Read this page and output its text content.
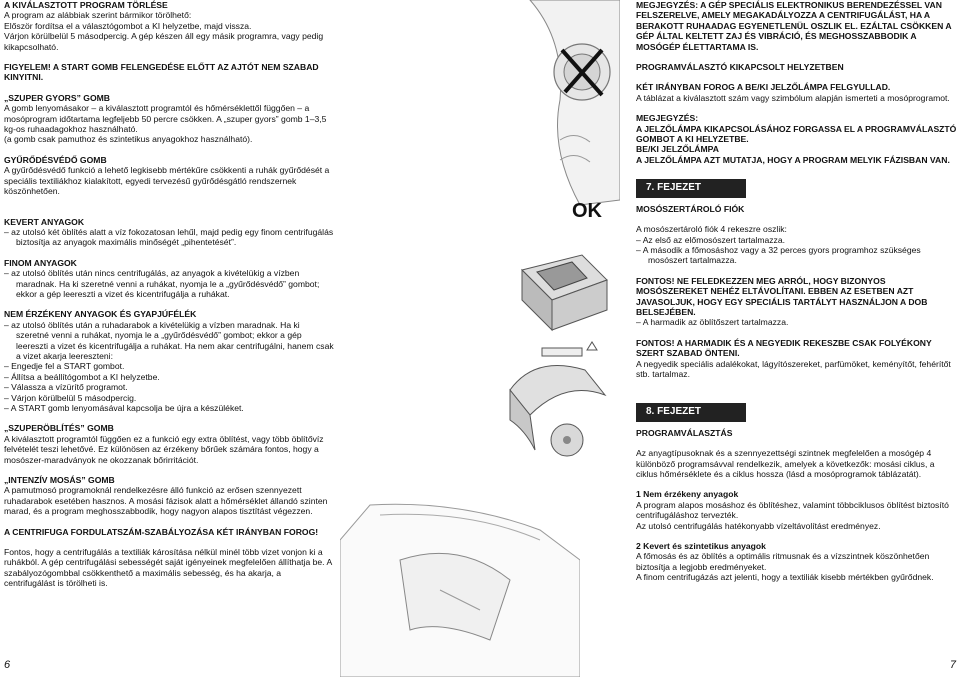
A KIVÁLASZTOTT PROGRAM TÖRLÉSE

A program az alábbiak szerint bármikor törölhető:

Először fordítsa el a választógombot a KI helyzetbe, majd vissza.

Várjon körülbelül 5 másodpercig. A gép készen áll egy másik programra, vagy pedig kikapcsolható.

FIGYELEM! A START GOMB FELENGEDÉSE ELŐTT AZ AJTÓT NEM SZABAD KINYITNI.

„SZUPER GYORS” GOMB

A gomb lenyomásakor – a kiválasztott programtól és hőmérséklettől függően – a mosóprogram időtartama legfeljebb 50 percre csökken. A „szuper gyors” gomb 1–3,5 kg-os ruhaadagokhoz használható.

(a gomb csak pamuthoz és szintetikus anyagokhoz használható).

GYŰRŐDÉSVÉDŐ GOMB

A gyűrődésvédő funkció a lehető legkisebb mértékűre csökkenti a ruhák gyűrődését a speciális textiliákhoz kialakított, egyedi tervezésű gyűrődésgátló rendszernek köszönhetően.

KEVERT ANYAGOK

– az utolsó két öblítés alatt a víz fokozatosan lehűl, majd pedig egy finom centrifugálás biztosítja az anyagok maximális minőségét „pihentetését”.

FINOM ANYAGOK

– az utolsó öblítés után nincs centrifugálás, az anyagok a kivételükig a vízben maradnak. Ha ki szeretné venni a ruhákat, nyomja le a „gyűrődésvédő” gombot; ekkor a gép leereszti a vizet és kicentrifugálja a ruhákat.

NEM ÉRZÉKENY ANYAGOK ÉS GYAPJÚFÉLÉK

– az utolsó öblítés után a ruhadarabok a kivételükig a vízben maradnak. Ha ki szeretné venni a ruhákat, nyomja le a „gyűrődésvédő” gombot; ekkor a gép leereszti a vizet és kicentrifugálja a ruhákat. Ha nem akar centrifugálni, hanem csak a vizet akarja leereszteni:

– Engedje fel a START gombot.

– Állítsa a beállítógombot a KI helyzetbe.

– Válassza a vízürítő programot.

– Várjon körülbelül 5 másodpercig.

– A START gomb lenyomásával kapcsolja be újra a készüléket.

„SZUPERÖBLÍTÉS” GOMB

A kiválasztott programtól függően ez a funkció egy extra öblítést, vagy több öblítővíz felvételét teszi lehetővé. Ez különösen az érzékeny bőrűek számára fontos, hogy a mosószer-maradványok ne okozzanak bőrirritációt.

„INTENZÍV MOSÁS” GOMB

A pamutmosó programoknál rendelkezésre álló funkció az erősen szennyezett ruhadarabok esetében hasznos. A mosási fázisok alatt a hőmérséklet állandó szinten marad, és a program meghosszabbodik, hogy nagyon alapos tisztítást végezzen.

A CENTRIFUGA FORDULATSZÁM-SZABÁLYOZÁSA KÉT IRÁNYBAN FOROG!

Fontos, hogy a centrifugálás a textiliák károsítása nélkül minél több vizet vonjon ki a ruhákból. A gép centrifugálási sebességét saját igényeinek megfelelően állíthatja be. A szabályozógombbal csökkenthető a maximális sebesség, és ha akarja, a centrifugálást is törölheti is.

MEGJEGYZÉS: A GÉP SPECIÁLIS ELEKTRONIKUS BERENDEZÉSSEL VAN FELSZERELVE, AMELY MEGAKADÁLYOZZA A CENTRIFUGÁLÁST, HA A BERAKOTT RUHAADAG EGYENETLENÜL OSZLIK EL. EZÁLTAL CSÖKKEN A GÉP ÁLTAL KELTETT ZAJ ÉS VIBRÁCIÓ, ÉS MEGHOSSZABBODIK A MOSÓGÉP ÉLETTARTAMA IS.

PROGRAMVÁLASZTÓ KIKAPCSOLT HELYZETBEN

KÉT IRÁNYBAN FOROG A BE/KI JELZŐLÁMPA FELGYULLAD.

A táblázat a kiválasztott szám vagy szimbólum alapján ismerteti a mosóprogramot.

MEGJEGYZÉS:

A JELZŐLÁMPA KIKAPCSOLÁSÁHOZ FORGASSA EL A PROGRAMVÁLASZTÓ GOMBOT A KI HELYZETBE.

BE/KI JELZŐLÁMPA

A JELZŐLÁMPA AZT MUTATJA, HOGY A PROGRAM MELYIK FÁZISBAN VAN.

7. FEJEZET

MOSÓSZERTÁROLÓ FIÓK

A mosószertároló fiók 4 rekeszre oszlik:

– Az első az előmosószert tartalmazza.

– A második a főmosáshoz vagy a 32 perces gyors programhoz szükséges mosószert tartalmazza.

FONTOS! NE FELEDKEZZEN MEG ARRÓL, HOGY BIZONYOS MOSÓSZEREKET NEHÉZ ELTÁVOLÍTANI. EBBEN AZ ESETBEN AZT JAVASOLJUK, HOGY EGY SPECIÁLIS TARTÁLYT HASZNÁLJON A DOB BELSEJÉBEN.

– A harmadik az öblítőszert tartalmazza.

FONTOS! A HARMADIK ÉS A NEGYEDIK REKESZBE CSAK FOLYÉKONY SZERT SZABAD ÖNTENI.

A negyedik speciális adalékokat, lágyítószereket, parfümöket, keményítőt, fehérítőt stb. tartalmaz.

8. FEJEZET

PROGRAMVÁLASZTÁS

Az anyagtípusoknak és a szennyezettségi szintnek megfelelően a mosógép 4 különböző programsávval rendelkezik, amelyek a következők: mosási ciklus, a ciklus hőmérséklete és a ciklus hossza (lásd a mosóprogramok táblázatát).

1 Nem érzékeny anyagok

A program alapos mosáshoz és öblítéshez, valamint többciklusos öblítést biztosító centrifugáláshoz tervezték.

Az utolsó centrifugálás hatékonyabb vízeltávolítást eredményez.

2 Kevert és szintetikus anyagok

A főmosás és az öblítés a optimális ritmusnak és a vízszintnek köszönhetően biztosítja a legjobb eredményeket.

A finom centrifugázás azt jelenti, hogy a textiliák kisebb mértékben gyűrődnek.

OK
6	7
